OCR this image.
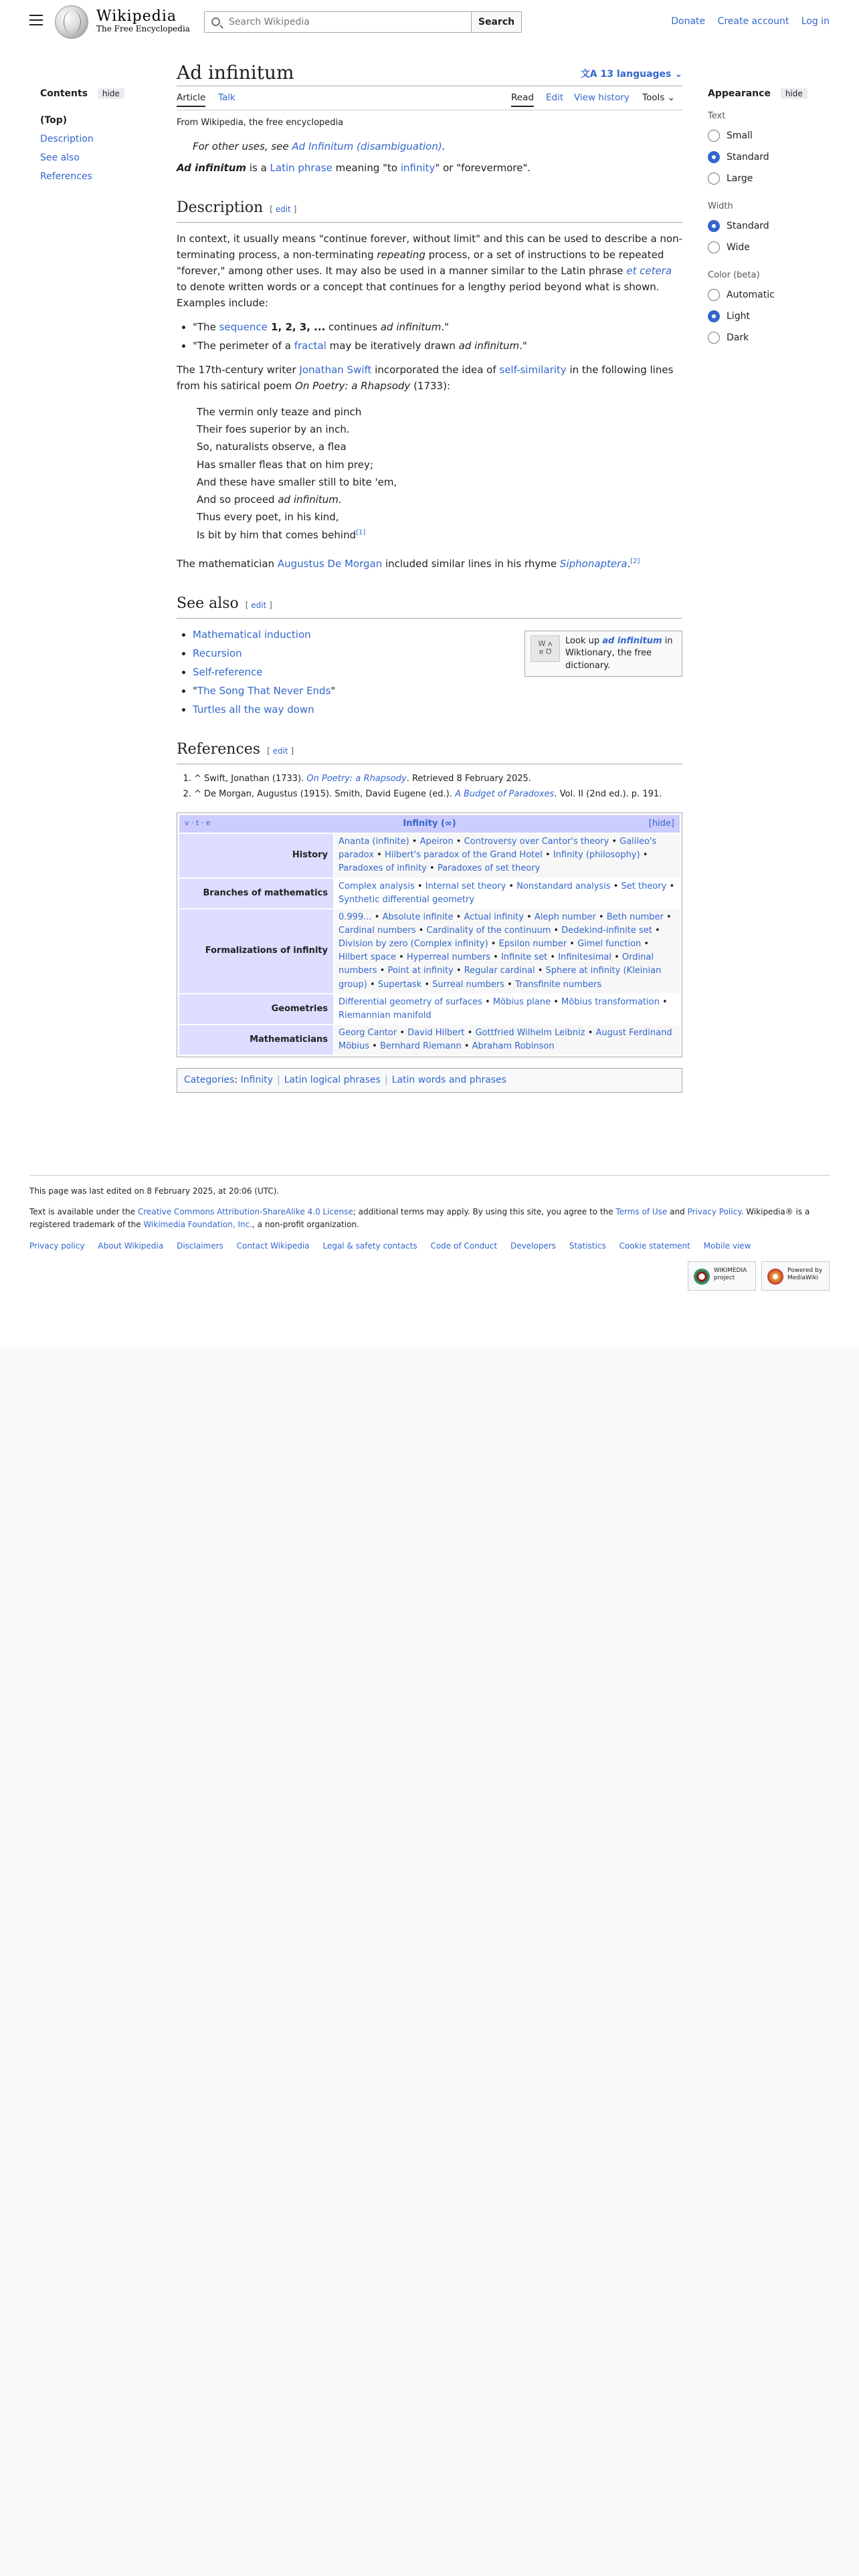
Wikipedia
The Free Encyclopedia
Search Wikipedia
Search	Donate Create account Log in
Contents hide
(Top)
Description
See also
References
Ad infinitum	文A 13 languages ⌄
Article Talk	Read Edit View history Tools ⌄
From Wikipedia, the free encyclopedia
For other uses, see Ad Infinitum (disambiguation).

Ad infinitum is a Latin phrase meaning "to infinity" or "forevermore".

Description [ edit ]

In context, it usually means "continue forever, without limit" and this can be used to describe a non-terminating process, a non-terminating repeating process, or a set of instructions to be repeated "forever," among other uses. It may also be used in a manner similar to the Latin phrase et cetera to denote written words or a concept that continues for a lengthy period beyond what is shown. Examples include:

• "The sequence 1, 2, 3, ... continues ad infinitum."
• "The perimeter of a fractal may be iteratively drawn ad infinitum."

The 17th-century writer Jonathan Swift incorporated the idea of self-similarity in the following lines from his satirical poem On Poetry: a Rhapsody (1733):

The vermin only teaze and pinch
Their foes superior by an inch.
So, naturalists observe, a flea
Has smaller fleas that on him prey;
And these have smaller still to bite 'em,
And so proceed ad infinitum.
Thus every poet, in his kind,
Is bit by him that comes behind[1]

The mathematician Augustus De Morgan included similar lines in his rhyme Siphonaptera.[2]

See also [ edit ]
W ʌ
ɐ Ʊ
Look up ad infinitum in Wiktionary, the free dictionary.
• Mathematical induction
• Recursion
• Self-reference
• "The Song That Never Ends"
• Turtles all the way down
References [ edit ]
1. ^ Swift, Jonathan (1733). On Poetry: a Rhapsody. Retrieved 8 February 2025.
2. ^ De Morgan, Augustus (1915). Smith, David Eugene (ed.). A Budget of Paradoxes. Vol. II (2nd ed.). p. 191.
v · t · e	Infinity (∞)	[hide]
History
Ananta (infinite) • Apeiron • Controversy over Cantor's theory • Galileo's paradox • Hilbert's paradox of the Grand Hotel • Infinity (philosophy) • Paradoxes of infinity • Paradoxes of set theory
Branches of mathematics
Complex analysis • Internal set theory • Nonstandard analysis • Set theory • Synthetic differential geometry
Formalizations of infinity
0.999... • Absolute infinite • Actual infinity • Aleph number • Beth number • Cardinal numbers • Cardinality of the continuum • Dedekind-infinite set • Division by zero (Complex infinity) • Epsilon number • Gimel function • Hilbert space • Hyperreal numbers • Infinite set • Infinitesimal • Ordinal numbers • Point at infinity • Regular cardinal • Sphere at infinity (Kleinian group) • Supertask • Surreal numbers • Transfinite numbers
Geometries
Differential geometry of surfaces • Möbius plane • Möbius transformation • Riemannian manifold
Mathematicians
Georg Cantor • David Hilbert • Gottfried Wilhelm Leibniz • August Ferdinand Möbius • Bernhard Riemann • Abraham Robinson
Categories: Infinity | Latin logical phrases | Latin words and phrases
Appearance hide
Text
Small
Standard
Large
Width
Standard
Wide
Color (beta)
Automatic
Light
Dark

This page was last edited on 8 February 2025, at 20:06 (UTC).

Text is available under the Creative Commons Attribution-ShareAlike 4.0 License; additional terms may apply. By using this site, you agree to the Terms of Use and Privacy Policy. Wikipedia® is a registered trademark of the Wikimedia Foundation, Inc., a non-profit organization.

Privacy policy About Wikipedia Disclaimers Contact Wikipedia Legal & safety contacts Code of Conduct Developers Statistics Cookie statement Mobile view
WIKIMEDIA project
Powered by MediaWiki
